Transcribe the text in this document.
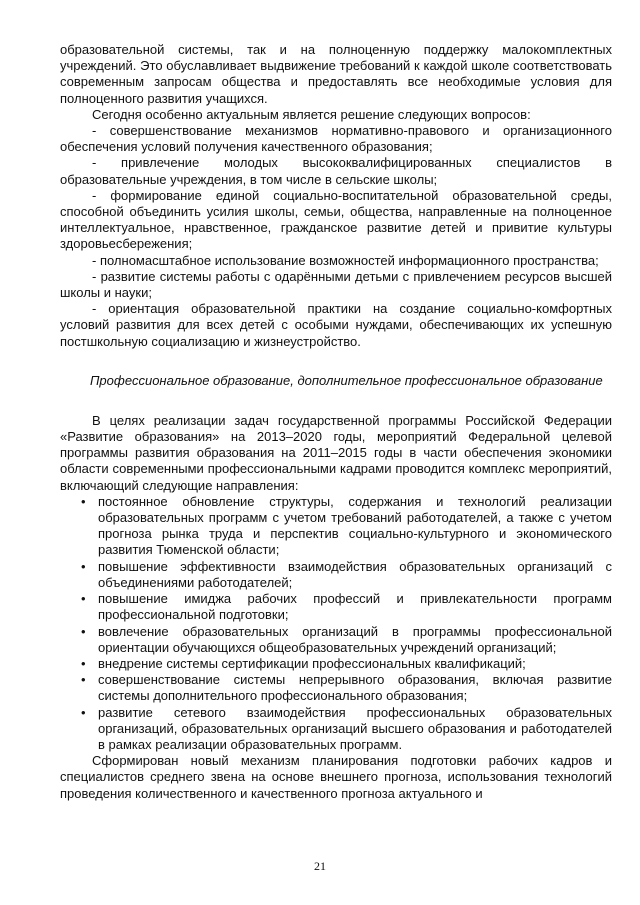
образовательной системы, так и на полноценную поддержку малокомплектных учреждений. Это обуславливает выдвижение требований к каждой школе соответствовать современным запросам общества и предоставлять все необходимые условия для полноценного развития учащихся.

Сегодня особенно актуальным является решение следующих вопросов:

- совершенствование механизмов нормативно-правового и организационного обеспечения условий получения качественного образования;

- привлечение молодых высококвалифицированных специалистов в образовательные учреждения, в том числе в сельские школы;

- формирование единой социально-воспитательной образовательной среды, способной объединить усилия школы, семьи, общества, направленные на полноценное интеллектуальное, нравственное, гражданское развитие детей и привитие культуры здоровьесбережения;

- полномасштабное использование возможностей информационного пространства;

- развитие системы работы с одарёнными детьми с привлечением ресурсов высшей школы и науки;

- ориентация образовательной практики на создание социально-комфортных условий развития для всех детей с особыми нуждами, обеспечивающих их успешную постшкольную социализацию и жизнеустройство.

Профессиональное образование, дополнительное профессиональное образование

В целях реализации задач государственной программы Российской Федерации «Развитие образования» на 2013–2020 годы, мероприятий Федеральной целевой программы развития образования на 2011–2015 годы в части обеспечения экономики области современными профессиональными кадрами проводится комплекс мероприятий, включающий следующие направления:

• постоянное обновление структуры, содержания и технологий реализации образовательных программ с учетом требований работодателей, а также с учетом прогноза рынка труда и перспектив социально-культурного и экономического развития Тюменской области;
• повышение эффективности взаимодействия образовательных организаций с объединениями работодателей;
• повышение имиджа рабочих профессий и привлекательности программ профессиональной подготовки;
• вовлечение образовательных организаций в программы профессиональной ориентации обучающихся общеобразовательных учреждений организаций;
• внедрение системы сертификации профессиональных квалификаций;
• совершенствование системы непрерывного образования, включая развитие системы дополнительного профессионального образования;
• развитие сетевого взаимодействия профессиональных образовательных организаций, образовательных организаций высшего образования и работодателей в рамках реализации образовательных программ.

Сформирован новый механизм планирования подготовки рабочих кадров и специалистов среднего звена на основе внешнего прогноза, использования технологий проведения количественного и качественного прогноза актуального и

21
